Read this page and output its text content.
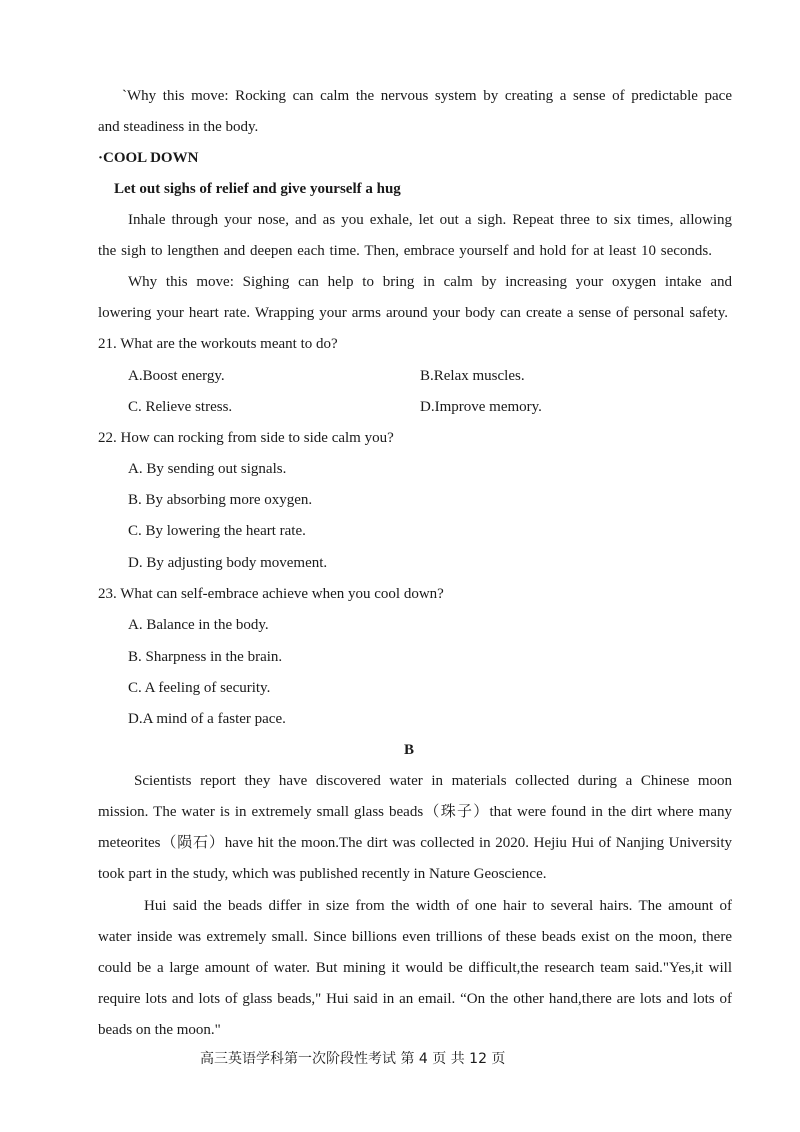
`Why this move: Rocking can calm the nervous system by creating a sense of predictable pace
and steadiness in the body.
·COOL DOWN
Let out sighs of relief and give yourself a hug
Inhale through your nose, and as you exhale, let out a sigh. Repeat three to six times, allowing
the sigh to lengthen and deepen each time. Then, embrace yourself and hold for at least 10 seconds.
Why this move: Sighing can help to bring in calm by increasing your oxygen intake and
lowering your heart rate. Wrapping your arms around your body can create a sense of personal safety.
21. What are the workouts meant to do?
A.Boost energy.	B.Relax muscles.
C. Relieve stress.	D.Improve memory.
22. How can rocking from side to side calm you?
A. By sending out signals.
B. By absorbing more oxygen.
C. By lowering the heart rate.
D. By adjusting body movement.
23. What can self-embrace achieve when you cool down?
A. Balance in the body.
B. Sharpness in the brain.
C. A feeling of security.
D.A mind of a faster pace.
B
Scientists report they have discovered water in materials collected during a Chinese moon
mission. The water is in extremely small glass beads（珠子）that were found in the dirt where many
meteorites（陨石）have hit the moon.The dirt was collected in 2020. Hejiu Hui of Nanjing University
took part in the study, which was published recently in Nature Geoscience.
Hui said the beads differ in size from the width of one hair to several hairs. The amount of
water inside was extremely small. Since billions even trillions of these beads exist on the moon, there
could be a large amount of water. But mining it would be difficult,the research team said."Yes,it will
require lots and lots of glass beads," Hui said in an email. “On the other hand,there are lots and lots of
beads on the moon."
高三英语学科第一次阶段性考试 第 4 页 共 12 页
